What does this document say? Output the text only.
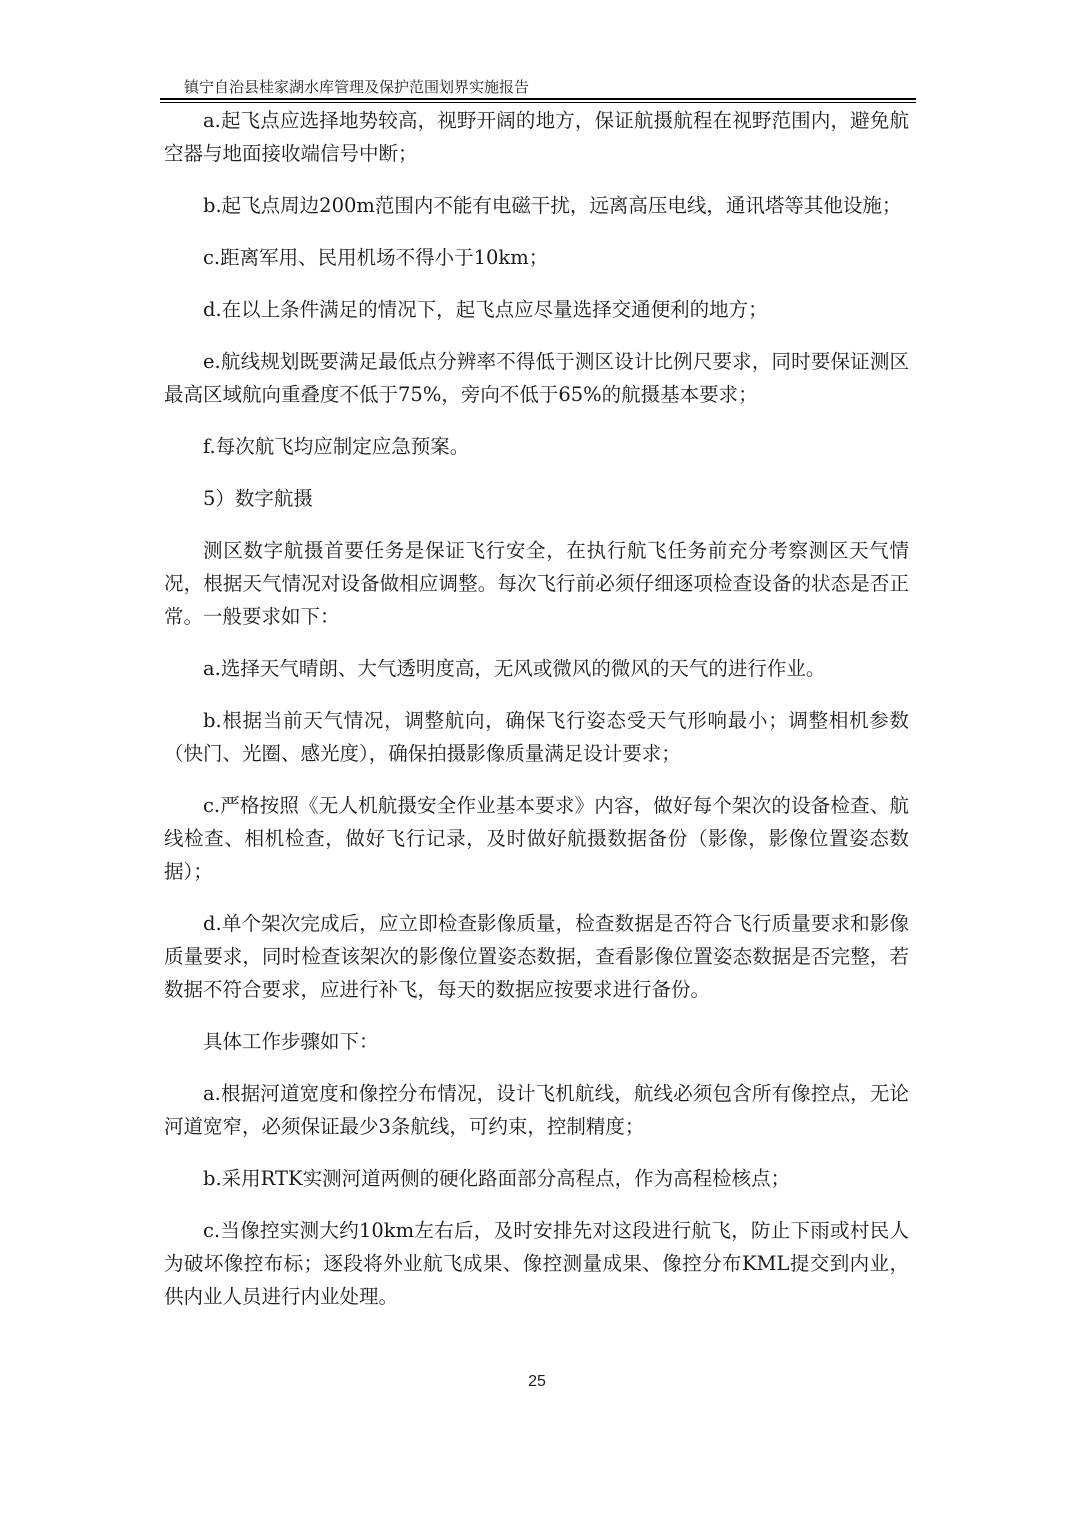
镇宁自治县桂家湖水库管理及保护范围划界实施报告

a.起飞点应选择地势较高，视野开阔的地方，保证航摄航程在视野范围内，避免航空器与地面接收端信号中断；

b.起飞点周边200m范围内不能有电磁干扰，远离高压电线，通讯塔等其他设施；

c.距离军用、民用机场不得小于10km；

d.在以上条件满足的情况下，起飞点应尽量选择交通便利的地方；

e.航线规划既要满足最低点分辨率不得低于测区设计比例尺要求，同时要保证测区最高区域航向重叠度不低于75%，旁向不低于65%的航摄基本要求；

f.每次航飞均应制定应急预案。

5）数字航摄

测区数字航摄首要任务是保证飞行安全，在执行航飞任务前充分考察测区天气情况，根据天气情况对设备做相应调整。每次飞行前必须仔细逐项检查设备的状态是否正常。一般要求如下：

a.选择天气晴朗、大气透明度高，无风或微风的微风的天气的进行作业。

b.根据当前天气情况，调整航向，确保飞行姿态受天气形响最小；调整相机参数（快门、光圈、感光度），确保拍摄影像质量满足设计要求；

c.严格按照《无人机航摄安全作业基本要求》内容，做好每个架次的设备检查、航线检查、相机检查，做好飞行记录，及时做好航摄数据备份（影像，影像位置姿态数据）；

d.单个架次完成后，应立即检查影像质量，检查数据是否符合飞行质量要求和影像质量要求，同时检查该架次的影像位置姿态数据，查看影像位置姿态数据是否完整，若数据不符合要求，应进行补飞，每天的数据应按要求进行备份。

具体工作步骤如下：

a.根据河道宽度和像控分布情况，设计飞机航线，航线必须包含所有像控点，无论河道宽窄，必须保证最少3条航线，可约束，控制精度；

b.采用RTK实测河道两侧的硬化路面部分高程点，作为高程检核点；

c.当像控实测大约10km左右后，及时安排先对这段进行航飞，防止下雨或村民人为破坏像控布标；逐段将外业航飞成果、像控测量成果、像控分布KML提交到内业，供内业人员进行内业处理。

25
